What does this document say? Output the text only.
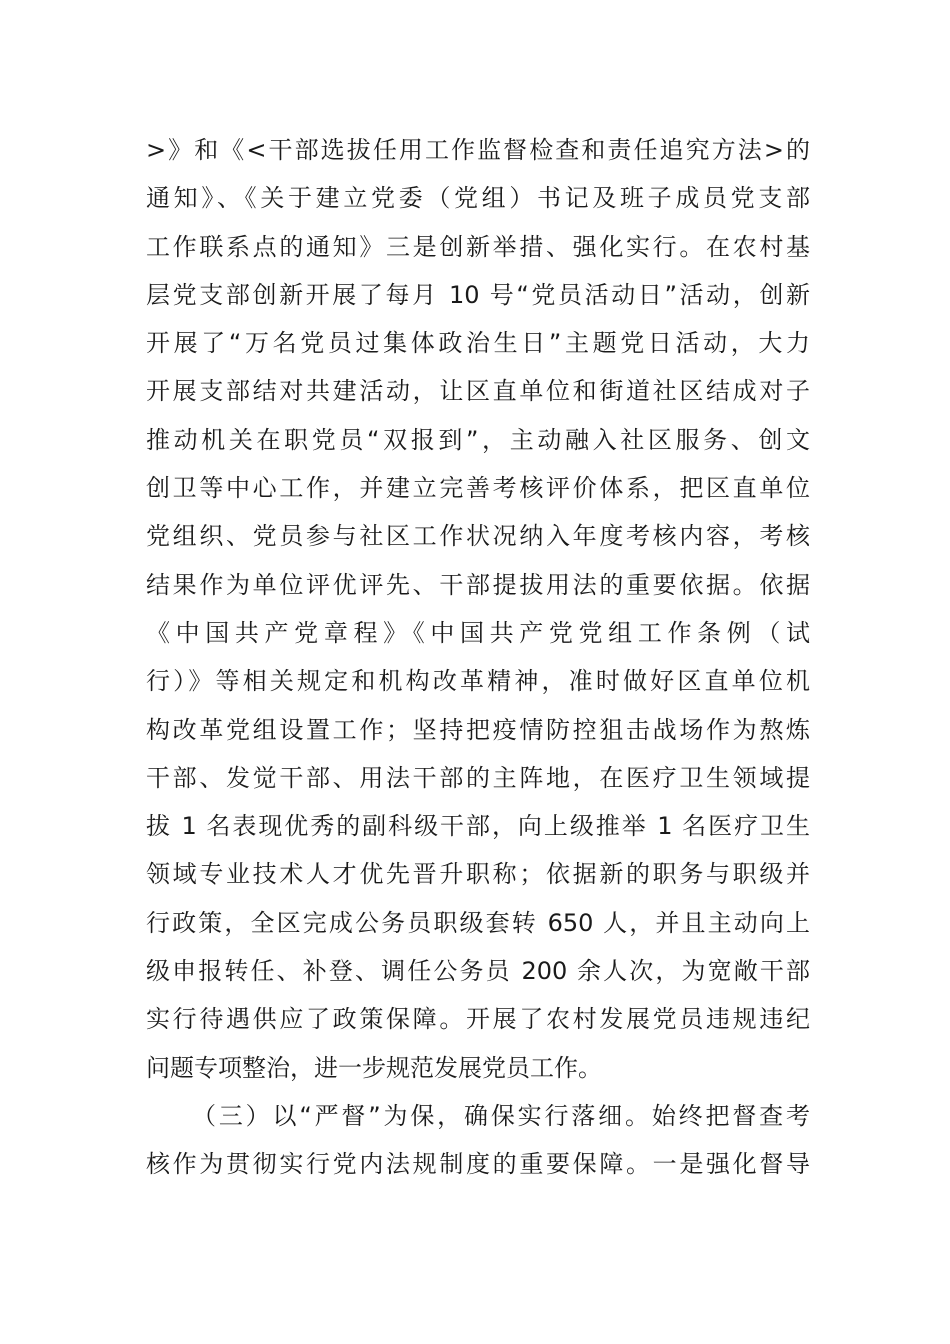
>》和《<干部选拔任用工作监督检查和责任追究方法>的
通知》、《关于建立党委（党组）书记及班子成员党支部
工作联系点的通知》三是创新举措、强化实行。在农村基
层党支部创新开展了每月 10 号“党员活动日”活动，创新
开展了“万名党员过集体政治生日”主题党日活动，大力
开展支部结对共建活动，让区直单位和街道社区结成对子
推动机关在职党员“双报到”，主动融入社区服务、创文
创卫等中心工作，并建立完善考核评价体系，把区直单位
党组织、党员参与社区工作状况纳入年度考核内容，考核
结果作为单位评优评先、干部提拔用法的重要依据。依据
《中国共产党章程》《中国共产党党组工作条例（试
行）》等相关规定和机构改革精神，准时做好区直单位机
构改革党组设置工作；坚持把疫情防控狙击战场作为熬炼
干部、发觉干部、用法干部的主阵地，在医疗卫生领域提
拔 1 名表现优秀的副科级干部，向上级推举 1 名医疗卫生
领域专业技术人才优先晋升职称；依据新的职务与职级并
行政策，全区完成公务员职级套转 650 人，并且主动向上
级申报转任、补登、调任公务员 200 余人次，为宽敞干部
实行待遇供应了政策保障。开展了农村发展党员违规违纪
问题专项整治，进一步规范发展党员工作。
（三）以“严督”为保，确保实行落细。始终把督查考
核作为贯彻实行党内法规制度的重要保障。一是强化督导
